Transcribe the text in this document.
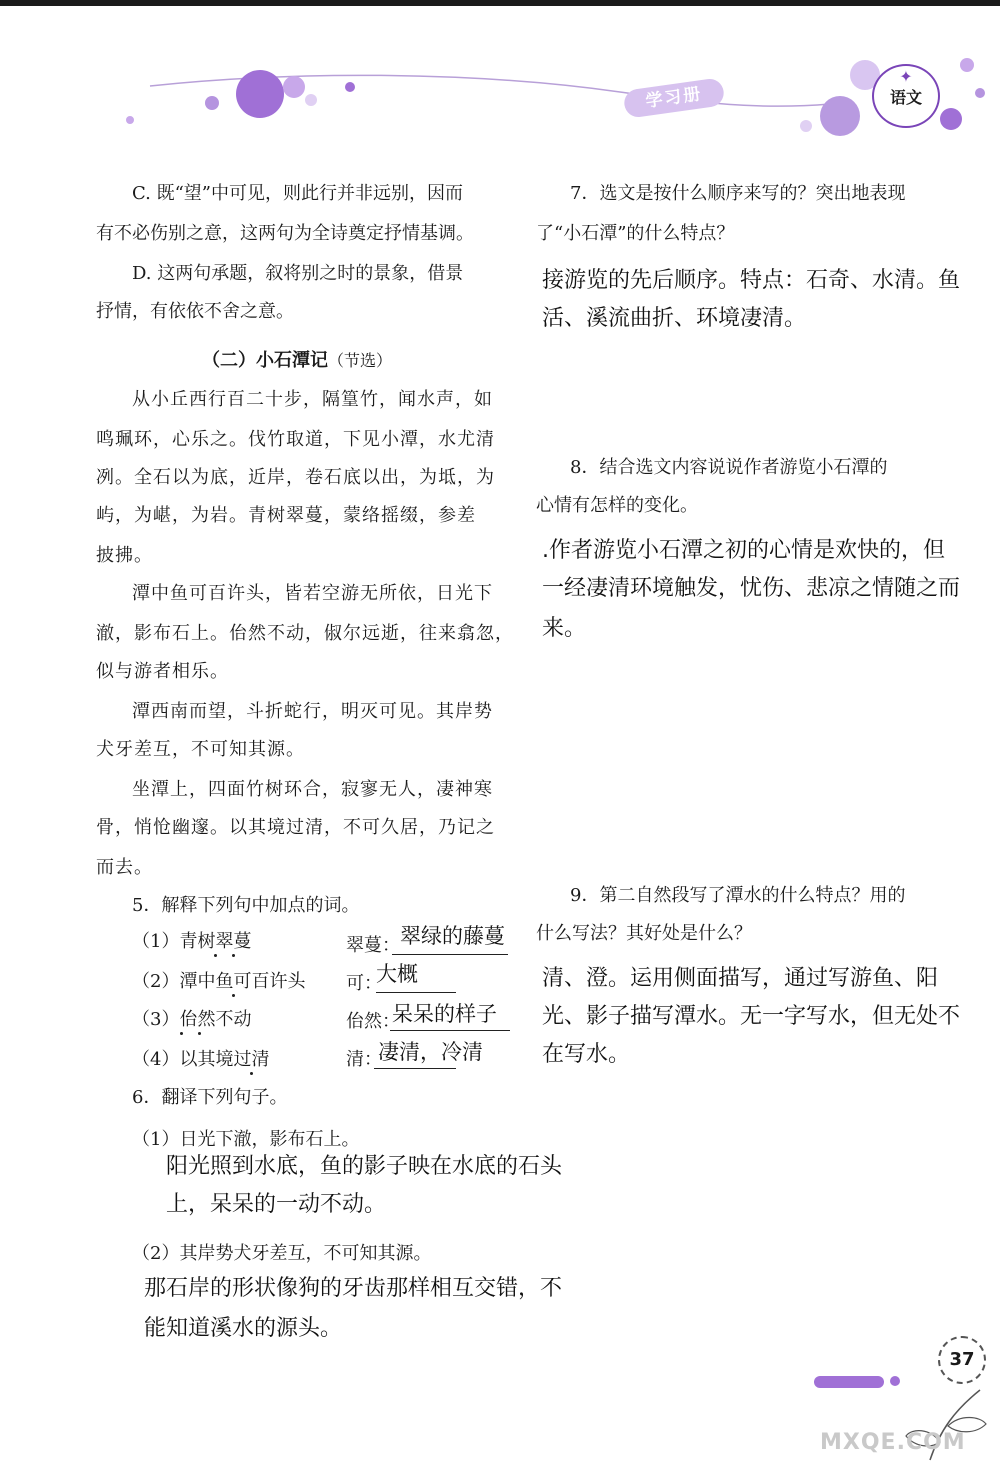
学习册
✦
语文
C. 既“望”中可见，则此行并非远别，因而
有不必伤别之意，这两句为全诗奠定抒情基调。
D. 这两句承题，叙将别之时的景象，借景
抒情，有依依不舍之意。
（二）小石潭记（节选）
从小丘西行百二十步，隔篁竹，闻水声，如
鸣珮环，心乐之。伐竹取道，下见小潭，水尤清
冽。全石以为底，近岸，卷石底以出，为坻，为
屿，为嵁，为岩。青树翠蔓，蒙络摇缀，参差
披拂。
潭中鱼可百许头，皆若空游无所依，日光下
澈，影布石上。佁然不动，俶尔远逝，往来翕忽，
似与游者相乐。
潭西南而望，斗折蛇行，明灭可见。其岸势
犬牙差互，不可知其源。
坐潭上，四面竹树环合，寂寥无人，凄神寒
骨，悄怆幽邃。以其境过清，不可久居，乃记之
而去。
5．解释下列句中加点的词。
（1）青树翠蔓	翠蔓： 翠绿的藤蔓
（2）潭中鱼可百许头 可：
大概
（3）佁然不动	佁然：
呆呆的样子
（4）以其境过清	清：
凄清，冷清
6．翻译下列句子。
（1）日光下澈，影布石上。
阳光照到水底，鱼的影子映在水底的石头
上，呆呆的一动不动。
（2）其岸势犬牙差互，不可知其源。
那石岸的形状像狗的牙齿那样相互交错，不
能知道溪水的源头。
7．选文是按什么顺序来写的？突出地表现
了“小石潭”的什么特点？
接游览的先后顺序。特点：石奇、水清。鱼
活、溪流曲折、环境凄清。
8．结合选文内容说说作者游览小石潭的
心情有怎样的变化。
.作者游览小石潭之初的心情是欢快的，但
一经凄清环境触发，忧伤、悲凉之情随之而
来。
9．第二自然段写了潭水的什么特点？用的
什么写法？其好处是什么？
清、澄。运用侧面描写，通过写游鱼、阳
光、影子描写潭水。无一字写水，但无处不
在写水。
37
MXQE.COM
